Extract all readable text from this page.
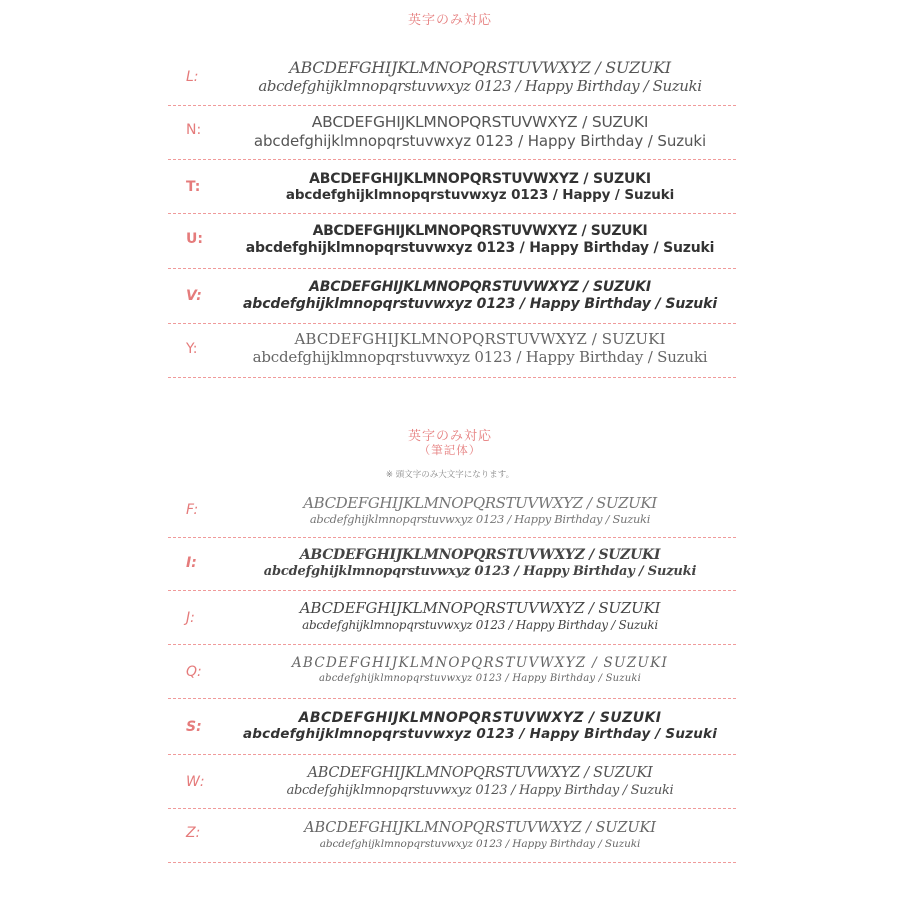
英字のみ対応
L:	ABCDEFGHIJKLMNOPQRSTUVWXYZ / SUZUKI
abcdefghijklmnopqrstuvwxyz 0123 / Happy Birthday / Suzuki
N:	ABCDEFGHIJKLMNOPQRSTUVWXYZ / SUZUKI
abcdefghijklmnopqrstuvwxyz 0123 / Happy Birthday / Suzuki
T:	ABCDEFGHIJKLMNOPQRSTUVWXYZ / SUZUKI
abcdefghijklmnopqrstuvwxyz 0123 / Happy / Suzuki
U:	ABCDEFGHIJKLMNOPQRSTUVWXYZ / SUZUKI
abcdefghijklmnopqrstuvwxyz 0123 / Happy Birthday / Suzuki
V:
ABCDEFGHIJKLMNOPQRSTUVWXYZ / SUZUKI
abcdefghijklmnopqrstuvwxyz 0123 / Happy Birthday / Suzuki
Y:
ABCDEFGHIJKLMNOPQRSTUVWXYZ / SUZUKI
abcdefghijklmnopqrstuvwxyz 0123 / Happy Birthday / Suzuki
英字のみ対応
（筆記体）
※ 頭文字のみ大文字になります。
F:	ABCDEFGHIJKLMNOPQRSTUVWXYZ / SUZUKI
abcdefghijklmnopqrstuvwxyz 0123 / Happy Birthday / Suzuki
I:	ABCDEFGHIJKLMNOPQRSTUVWXYZ / SUZUKI
abcdefghijklmnopqrstuvwxyz 0123 / Happy Birthday / Suzuki
J:
ABCDEFGHIJKLMNOPQRSTUVWXYZ / SUZUKI
abcdefghijklmnopqrstuvwxyz 0123 / Happy Birthday / Suzuki
Q:
ABCDEFGHIJKLMNOPQRSTUVWXYZ / SUZUKI
abcdefghijklmnopqrstuvwxyz 0123 / Happy Birthday / Suzuki
S:
ABCDEFGHIJKLMNOPQRSTUVWXYZ / SUZUKI
abcdefghijklmnopqrstuvwxyz 0123 / Happy Birthday / Suzuki
W:
ABCDEFGHIJKLMNOPQRSTUVWXYZ / SUZUKI
abcdefghijklmnopqrstuvwxyz 0123 / Happy Birthday / Suzuki
Z:	ABCDEFGHIJKLMNOPQRSTUVWXYZ / SUZUKI
abcdefghijklmnopqrstuvwxyz 0123 / Happy Birthday / Suzuki
